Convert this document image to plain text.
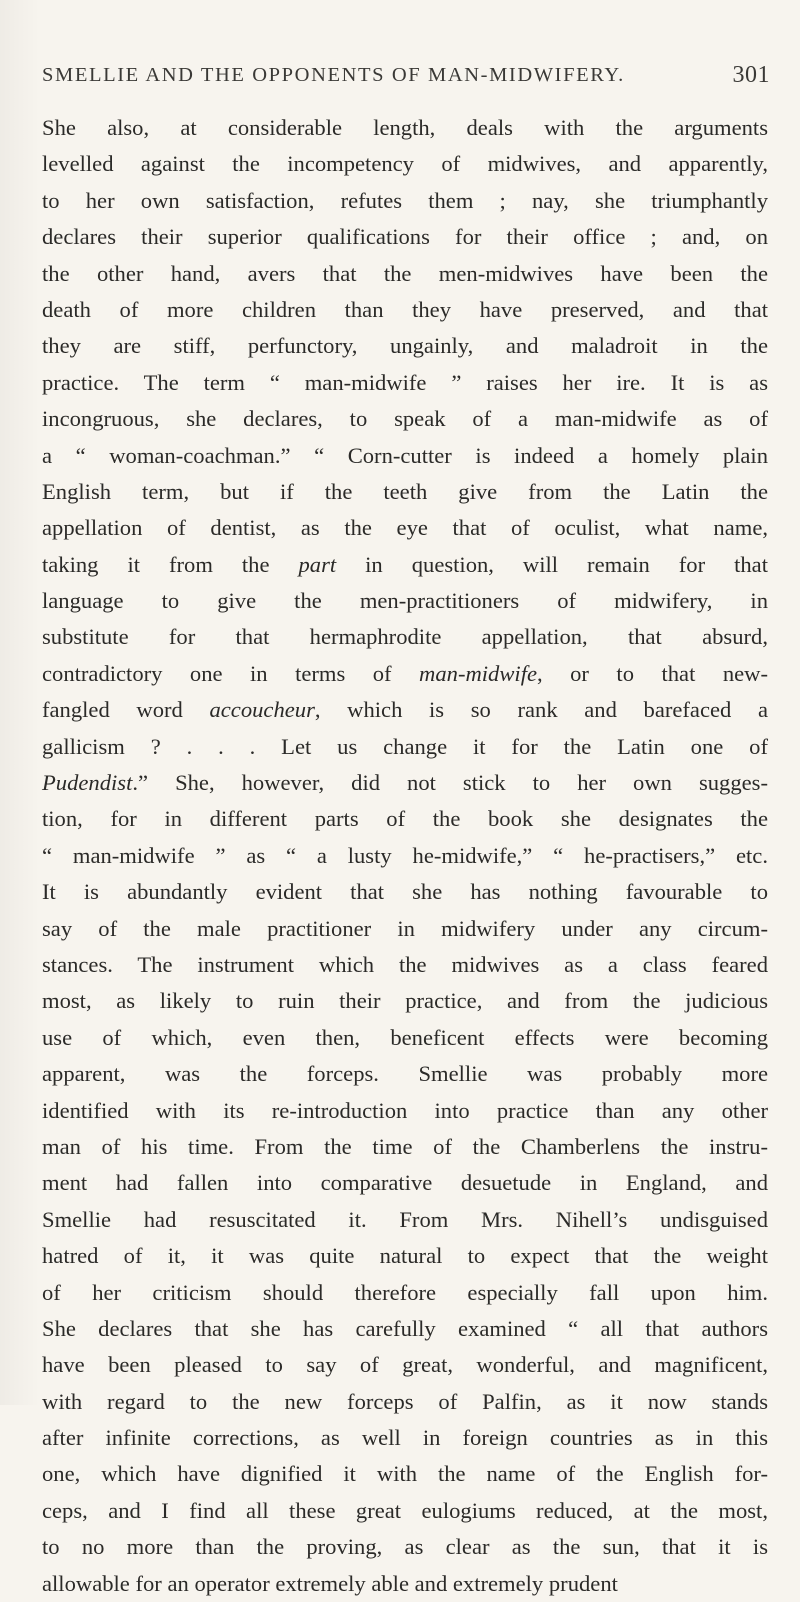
SMELLIE AND THE OPPONENTS OF MAN-MIDWIFERY.	301
She also, at considerable length, deals with the arguments
levelled against the incompetency of midwives, and apparently,
to her own satisfaction, refutes them ; nay, she triumphantly
declares their superior qualifications for their office ; and, on
the other hand, avers that the men-midwives have been the
death of more children than they have preserved, and that
they are stiff, perfunctory, ungainly, and maladroit in the
practice. The term “ man-midwife ” raises her ire. It is as
incongruous, she declares, to speak of a man-midwife as of
a “ woman-coachman.” “ Corn-cutter is indeed a homely plain
English term, but if the teeth give from the Latin the
appellation of dentist, as the eye that of oculist, what name,
taking it from the part in question, will remain for that
language to give the men-practitioners of midwifery, in
substitute for that hermaphrodite appellation, that absurd,
contradictory one in terms of man-midwife, or to that new-
fangled word accoucheur, which is so rank and barefaced a
gallicism ? . . . Let us change it for the Latin one of
Pudendist.” She, however, did not stick to her own sugges-
tion, for in different parts of the book she designates the
“ man-midwife ” as “ a lusty he-midwife,” “ he-practisers,” etc.
It is abundantly evident that she has nothing favourable to
say of the male practitioner in midwifery under any circum-
stances. The instrument which the midwives as a class feared
most, as likely to ruin their practice, and from the judicious
use of which, even then, beneficent effects were becoming
apparent, was the forceps. Smellie was probably more
identified with its re-introduction into practice than any other
man of his time. From the time of the Chamberlens the instru-
ment had fallen into comparative desuetude in England, and
Smellie had resuscitated it. From Mrs. Nihell’s undisguised
hatred of it, it was quite natural to expect that the weight
of her criticism should therefore especially fall upon him.
She declares that she has carefully examined “ all that authors
have been pleased to say of great, wonderful, and magnificent,
with regard to the new forceps of Palfin, as it now stands
after infinite corrections, as well in foreign countries as in this
one, which have dignified it with the name of the English for-
ceps, and I find all these great eulogiums reduced, at the most,
to no more than the proving, as clear as the sun, that it is
allowable for an operator extremely able and extremely prudent
